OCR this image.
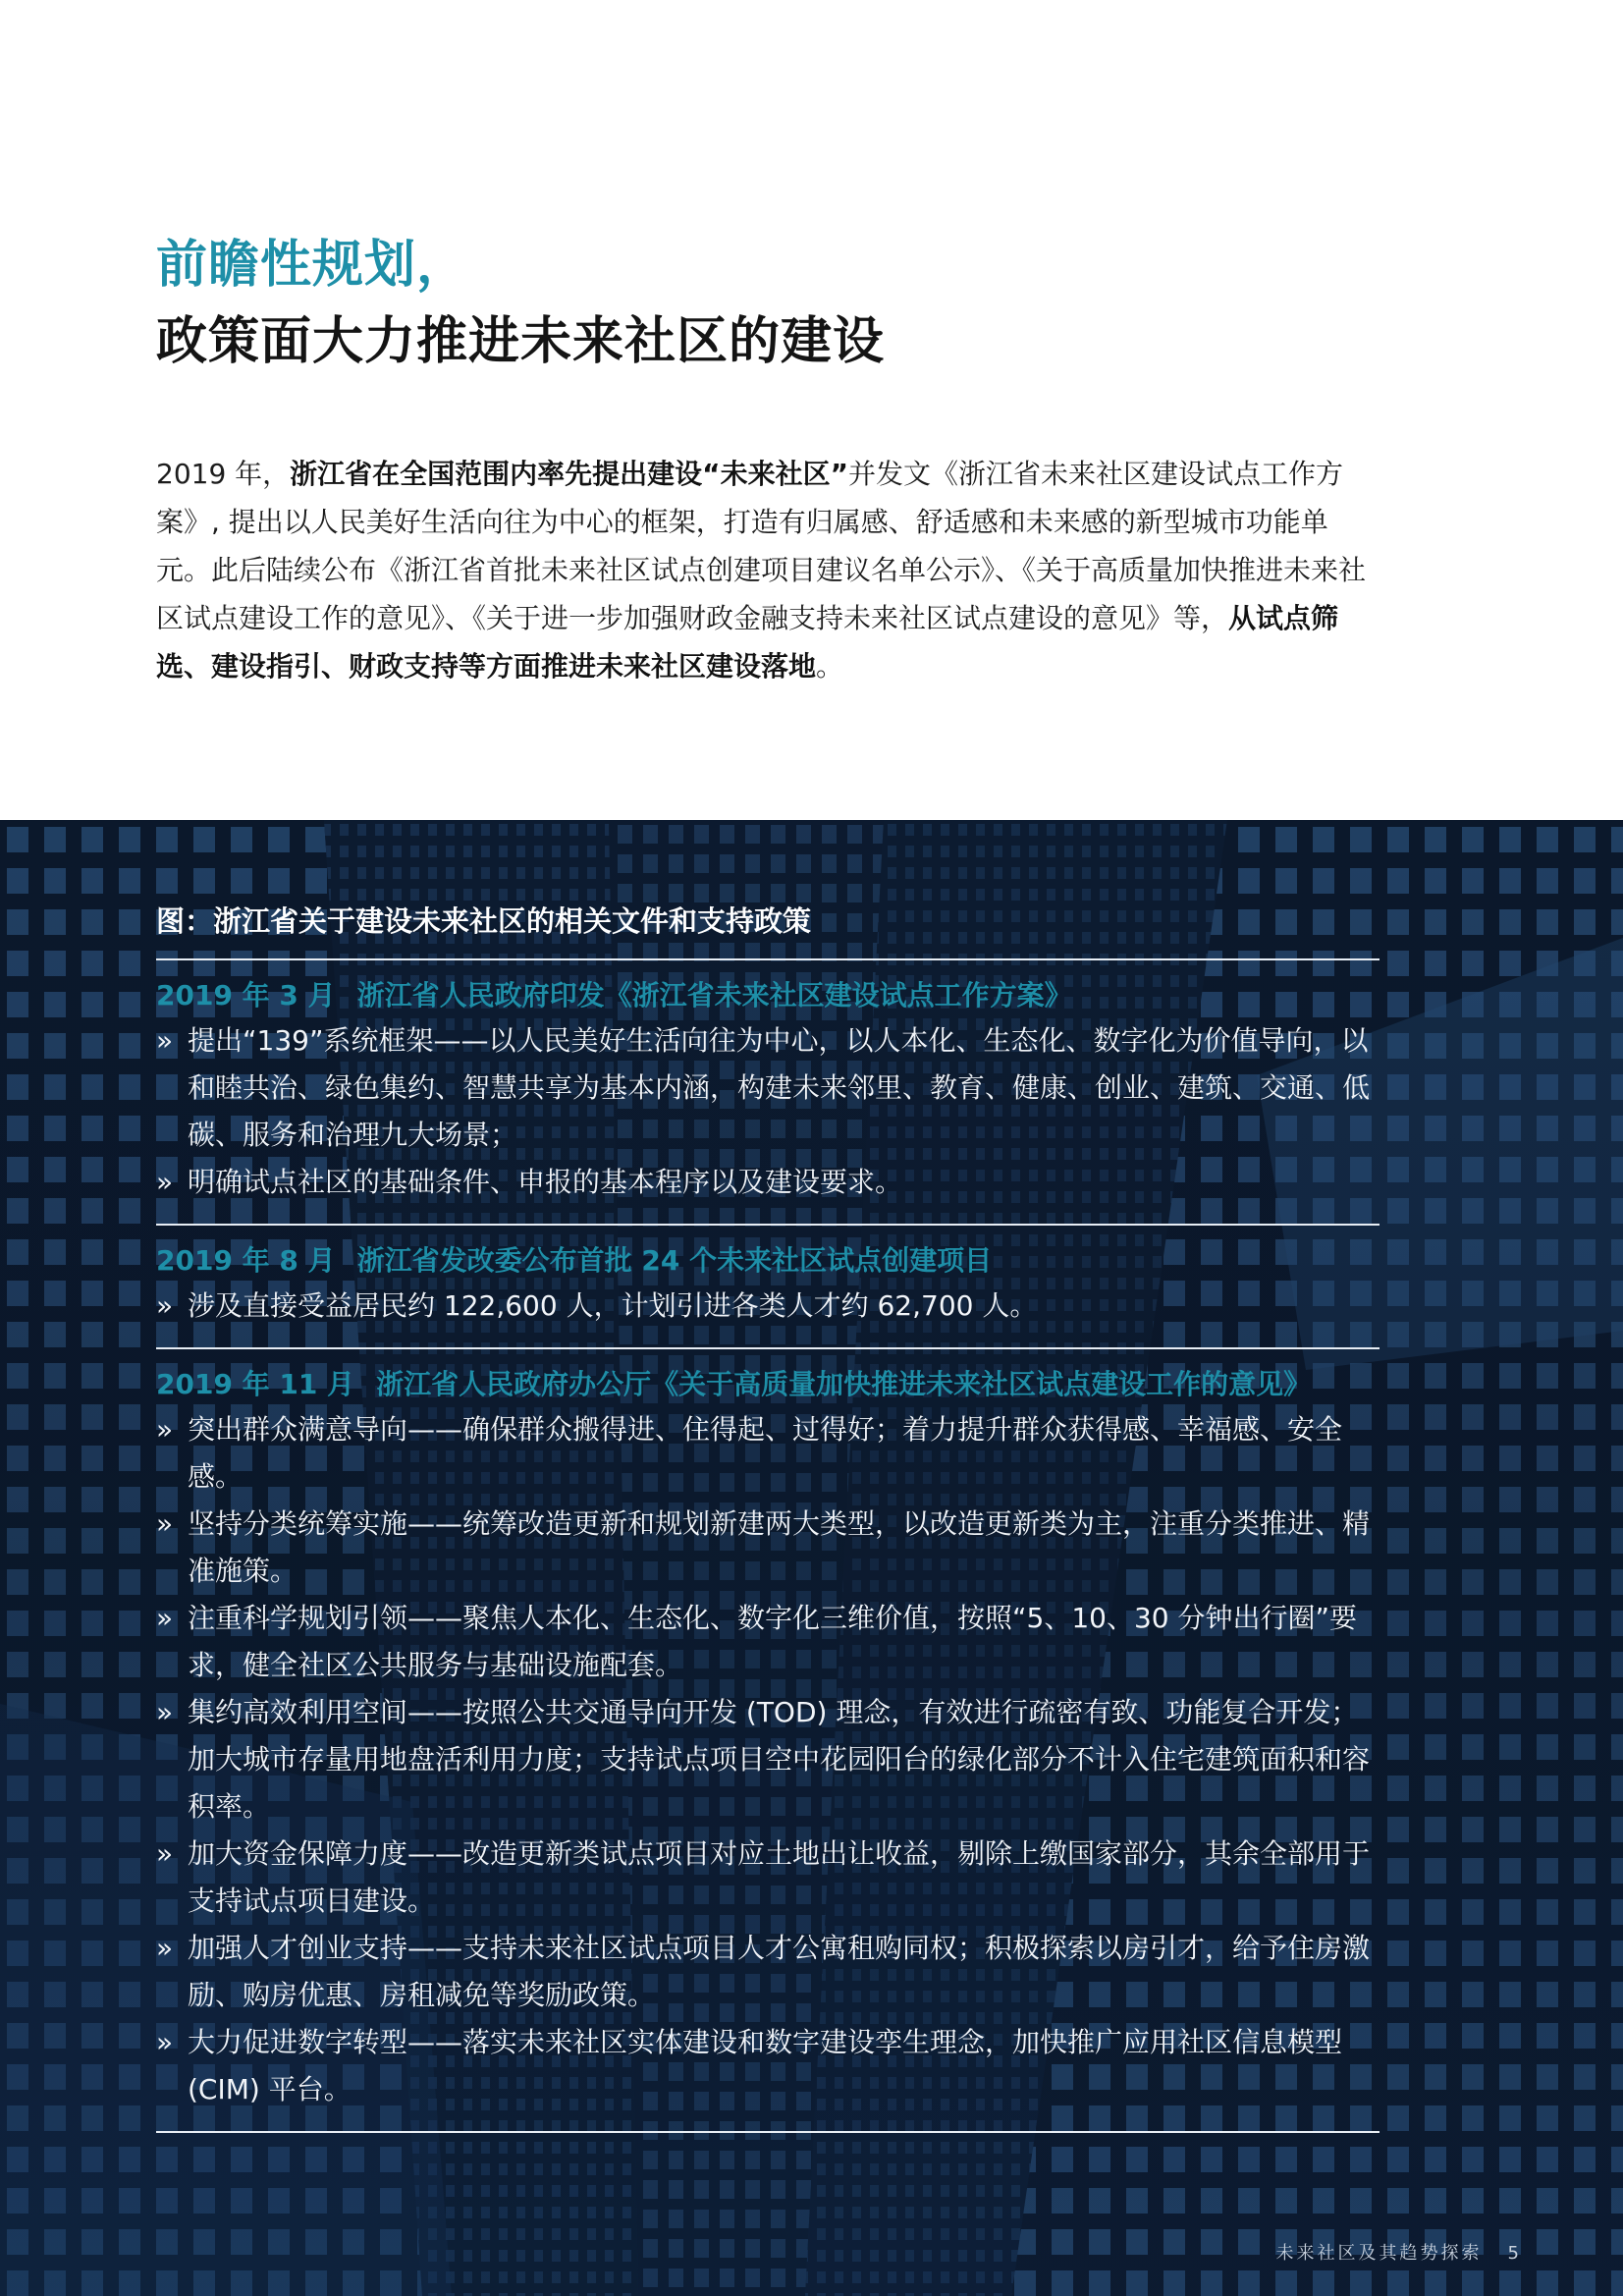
前瞻性规划，
政策面大力推进未来社区的建设
2019 年，浙江省在全国范围内率先提出建设“未来社区”并发文《浙江省未来社区建设试点工作方案》, 提出以人民美好生活向往为中心的框架，打造有归属感、舒适感和未来感的新型城市功能单元。此后陆续公布《浙江省首批未来社区试点创建项目建议名单公示》、《关于高质量加快推进未来社区试点建设工作的意见》、《关于进一步加强财政金融支持未来社区试点建设的意见》等，从试点筛选、建设指引、财政支持等方面推进未来社区建设落地。
图：浙江省关于建设未来社区的相关文件和支持政策
2019 年 3 月 浙江省人民政府印发《浙江省未来社区建设试点工作方案》
» 提出“139”系统框架——以人民美好生活向往为中心，以人本化、生态化、数字化为价值导向，以和睦共治、绿色集约、智慧共享为基本内涵，构建未来邻里、教育、健康、创业、建筑、交通、低碳、服务和治理九大场景；
» 明确试点社区的基础条件、申报的基本程序以及建设要求。
2019 年 8 月 浙江省发改委公布首批 24 个未来社区试点创建项目
» 涉及直接受益居民约 122,600 人，计划引进各类人才约 62,700 人。
2019 年 11 月 浙江省人民政府办公厅《关于高质量加快推进未来社区试点建设工作的意见》
» 突出群众满意导向——确保群众搬得进、住得起、过得好；着力提升群众获得感、幸福感、安全感。
» 坚持分类统筹实施——统筹改造更新和规划新建两大类型，以改造更新类为主，注重分类推进、精准施策。
» 注重科学规划引领——聚焦人本化、生态化、数字化三维价值，按照“5、10、30 分钟出行圈”要求，健全社区公共服务与基础设施配套。
» 集约高效利用空间——按照公共交通导向开发 (TOD) 理念，有效进行疏密有致、功能复合开发；加大城市存量用地盘活利用力度；支持试点项目空中花园阳台的绿化部分不计入住宅建筑面积和容积率。
» 加大资金保障力度——改造更新类试点项目对应土地出让收益，剔除上缴国家部分，其余全部用于支持试点项目建设。
» 加强人才创业支持——支持未来社区试点项目人才公寓租购同权；积极探索以房引才，给予住房激励、购房优惠、房租减免等奖励政策。
» 大力促进数字转型——落实未来社区实体建设和数字建设孪生理念，加快推广应用社区信息模型 (CIM) 平台。
未来社区及其趋势探索 5
